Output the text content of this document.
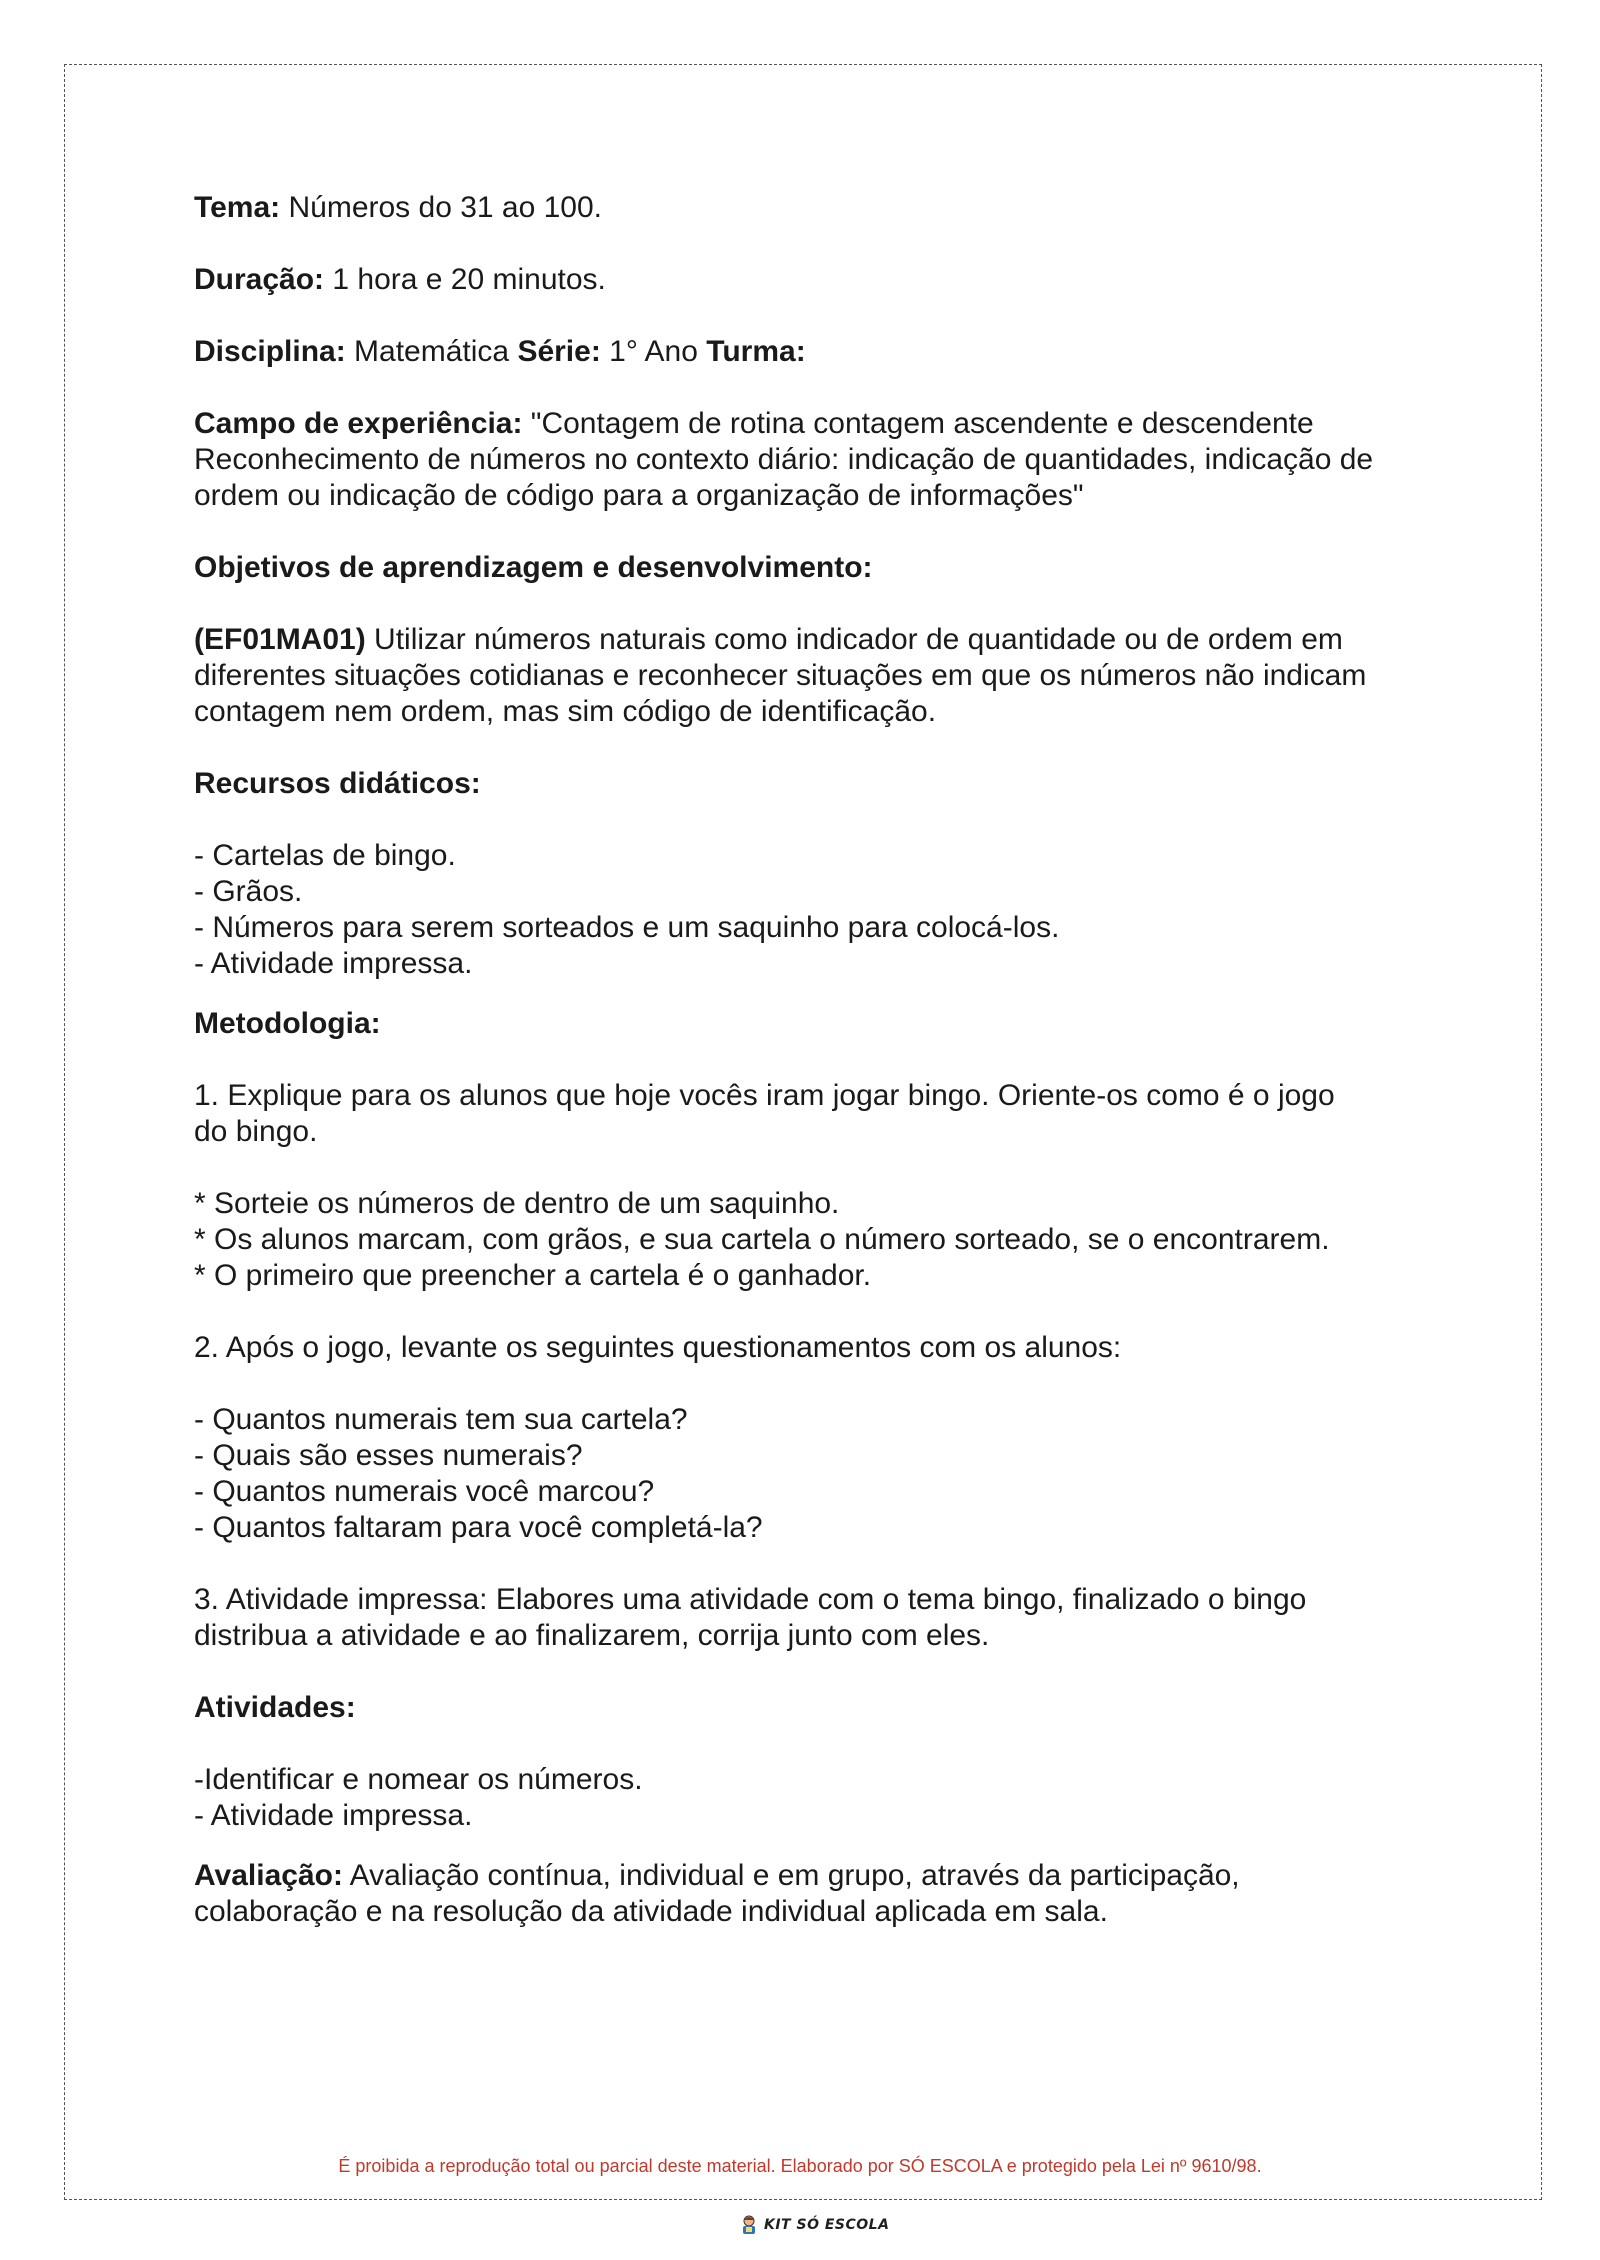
Tema: Números do 31 ao 100.

Duração: 1 hora e 20 minutos.

Disciplina: Matemática Série: 1° Ano Turma:

Campo de experiência: "Contagem de rotina contagem ascendente e descendente

Reconhecimento de números no contexto diário: indicação de quantidades, indicação de

ordem ou indicação de código para a organização de informações"

Objetivos de aprendizagem e desenvolvimento:

(EF01MA01) Utilizar números naturais como indicador de quantidade ou de ordem em

diferentes situações cotidianas e reconhecer situações em que os números não indicam

contagem nem ordem, mas sim código de identificação.

Recursos didáticos:

- Cartelas de bingo.

- Grãos.

- Números para serem sorteados e um saquinho para colocá-los.

- Atividade impressa.

Metodologia:

1. Explique para os alunos que hoje vocês iram jogar bingo. Oriente-os como é o jogo

do bingo.

* Sorteie os números de dentro de um saquinho.

* Os alunos marcam, com grãos, e sua cartela o número sorteado, se o encontrarem.

* O primeiro que preencher a cartela é o ganhador.

2. Após o jogo, levante os seguintes questionamentos com os alunos:

- Quantos numerais tem sua cartela?

- Quais são esses numerais?

- Quantos numerais você marcou?

- Quantos faltaram para você completá-la?

3. Atividade impressa: Elabores uma atividade com o tema bingo, finalizado o bingo

distribua a atividade e ao finalizarem, corrija junto com eles.

Atividades:

-Identificar e nomear os números.

- Atividade impressa.

Avaliação: Avaliação contínua, individual e em grupo, através da participação,

colaboração e na resolução da atividade individual aplicada em sala.

É proibida a reprodução total ou parcial deste material. Elaborado por SÓ ESCOLA e protegido pela Lei nº 9610/98.
KIT SÓ ESCOLA
